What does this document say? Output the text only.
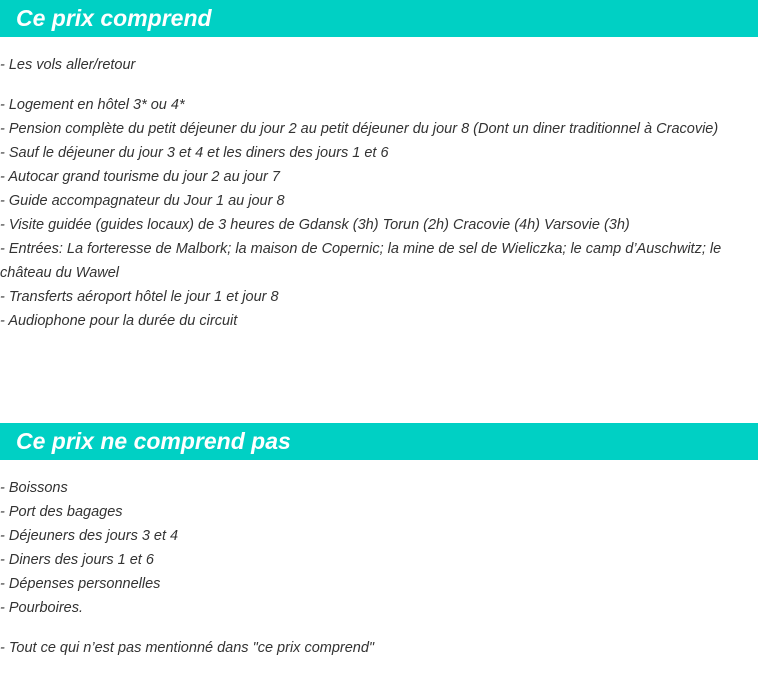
Ce prix comprend
- Les vols aller/retour
- Logement en hôtel 3* ou 4*
- Pension complète du petit déjeuner du jour 2 au petit déjeuner du jour 8 (Dont un diner traditionnel à Cracovie)
- Sauf le déjeuner du jour 3 et 4 et les diners des jours 1 et 6
- Autocar grand tourisme du jour 2 au jour 7
- Guide accompagnateur du Jour 1 au jour 8
- Visite guidée (guides locaux) de 3 heures de Gdansk (3h) Torun (2h) Cracovie (4h) Varsovie (3h)
- Entrées: La forteresse de Malbork; la maison de Copernic; la mine de sel de Wieliczka; le camp d’Auschwitz; le château du Wawel
- Transferts aéroport hôtel le jour 1 et jour 8
- Audiophone pour la durée du circuit
Ce prix ne comprend pas
- Boissons
- Port des bagages
- Déjeuners des jours 3 et 4
- Diners des jours 1 et 6
- Dépenses personnelles
- Pourboires.
- Tout ce qui n’est pas mentionné dans "ce prix comprend"
